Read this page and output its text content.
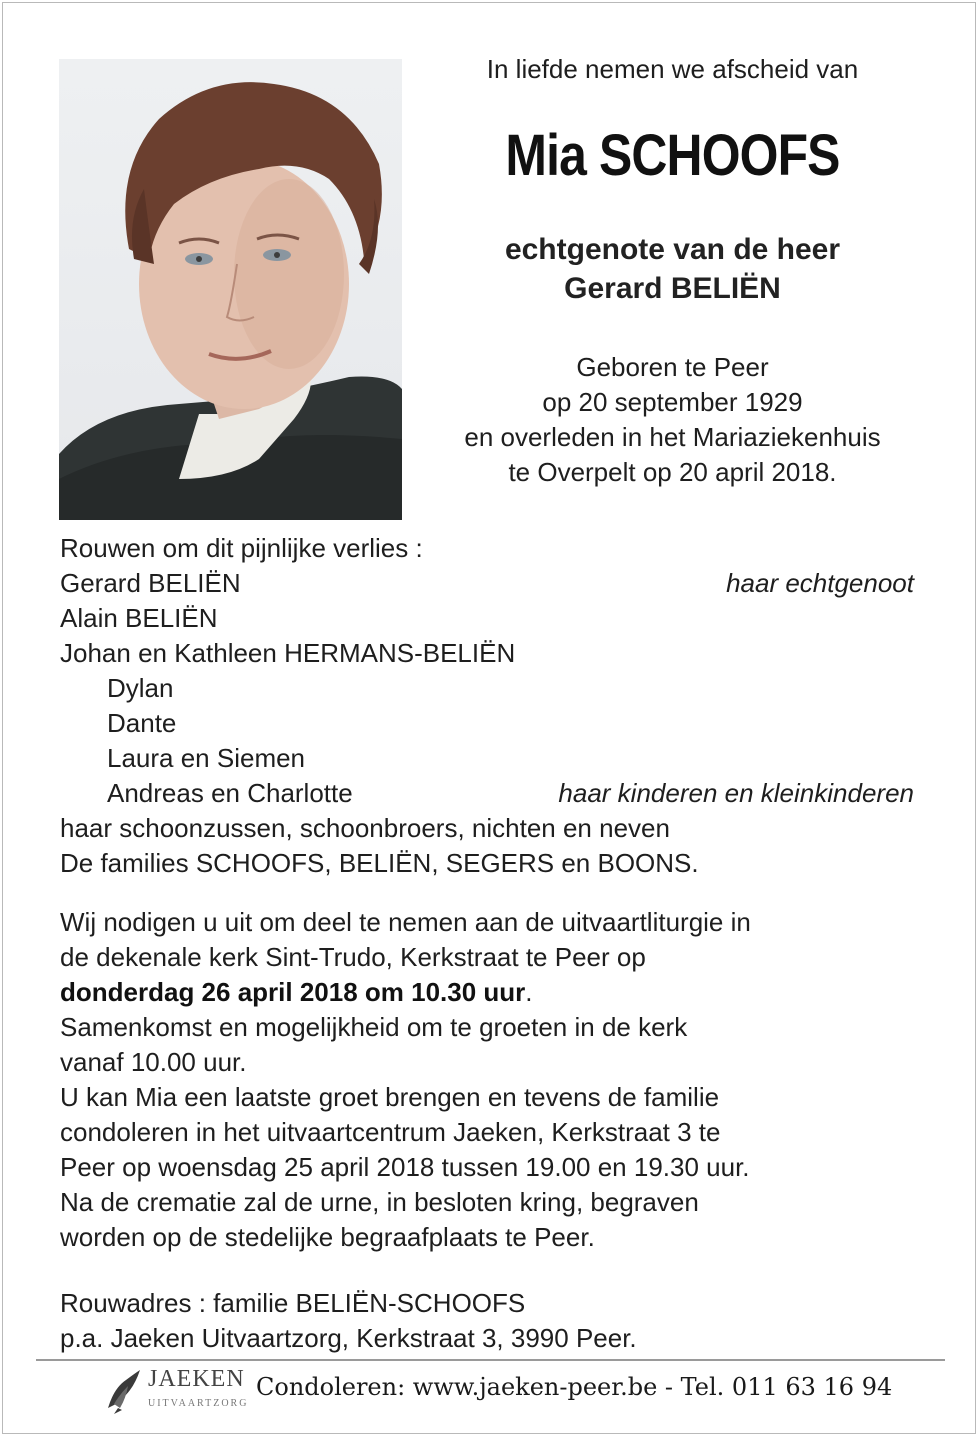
In liefde nemen we afscheid van
Mia SCHOOFS
echtgenote van de heer
Gerard BELIËN
Geboren te Peer
op 20 september 1929
en overleden in het Mariaziekenhuis
te Overpelt op 20 april 2018.
Rouwen om dit pijnlijke verlies :
Gerard BELIËN	haar echtgenoot
Alain BELIËN
Johan en Kathleen HERMANS-BELIËN
Dylan
Dante
Laura en Siemen
Andreas en Charlotte	haar kinderen en kleinkinderen
haar schoonzussen, schoonbroers, nichten en neven
De families SCHOOFS, BELIËN, SEGERS en BOONS.
Wij nodigen u uit om deel te nemen aan de uitvaartliturgie in
de dekenale kerk Sint-Trudo, Kerkstraat te Peer op
donderdag 26 april 2018 om 10.30 uur.
Samenkomst en mogelijkheid om te groeten in de kerk
vanaf 10.00 uur.
U kan Mia een laatste groet brengen en tevens de familie
condoleren in het uitvaartcentrum Jaeken, Kerkstraat 3 te
Peer op woensdag 25 april 2018 tussen 19.00 en 19.30 uur.
Na de crematie zal de urne, in besloten kring, begraven
worden op de stedelijke begraafplaats te Peer.
Rouwadres : familie BELIËN-SCHOOFS
p.a. Jaeken Uitvaartzorg, Kerkstraat 3, 3990 Peer.
JAEKEN
UITVAARTZORG
Condoleren: www.jaeken-peer.be - Tel. 011 63 16 94
